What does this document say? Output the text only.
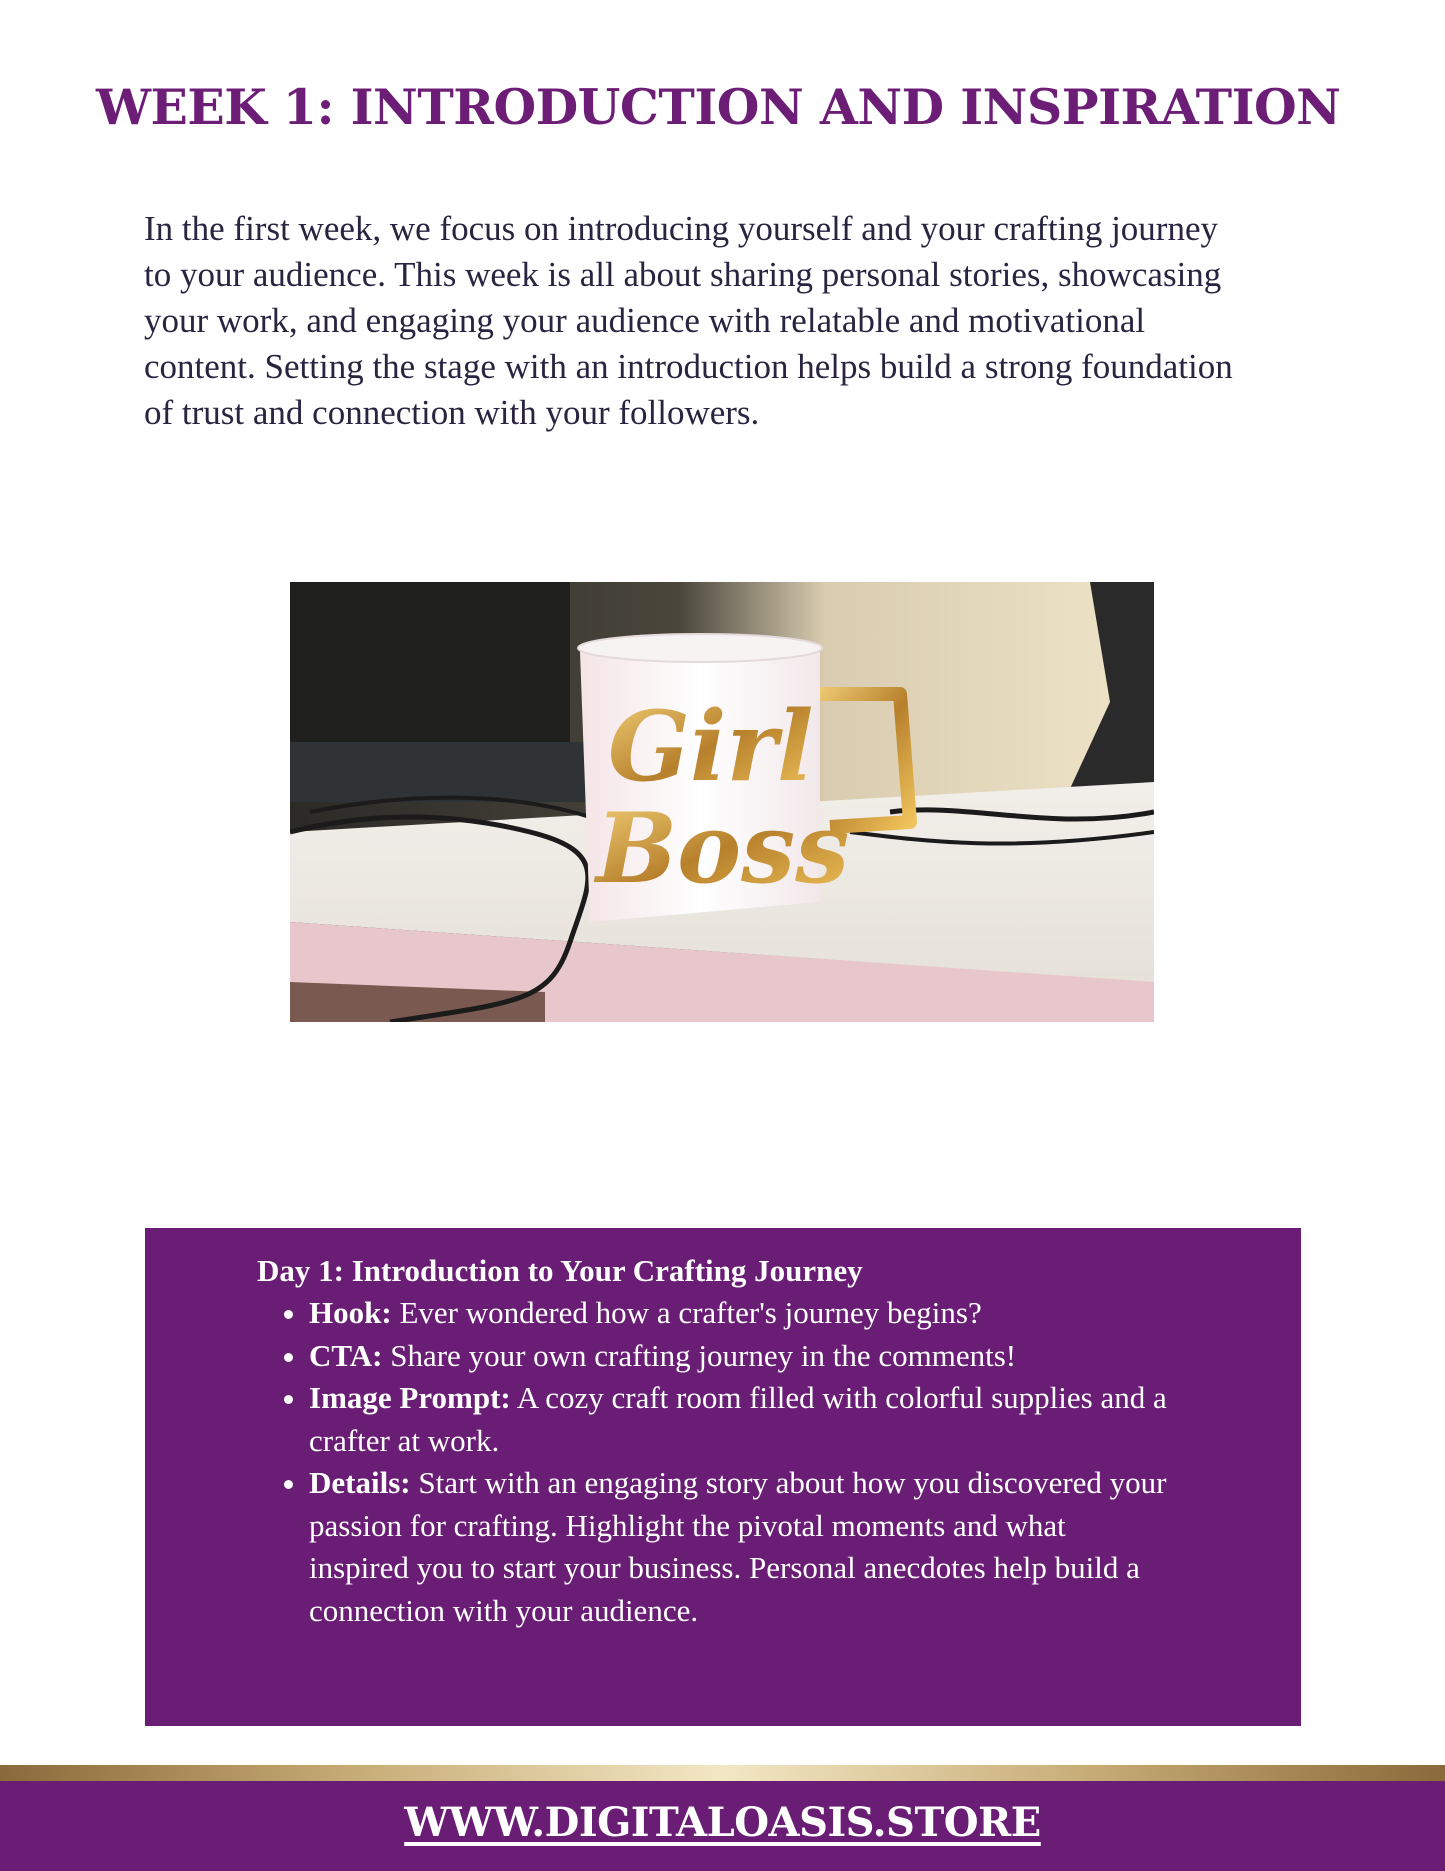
WEEK 1: INTRODUCTION AND INSPIRATION

In the first week, we focus on introducing yourself and your crafting journey to your audience. This week is all about sharing personal stories, showcasing your work, and engaging your audience with relatable and motivational content. Setting the stage with an introduction helps build a strong foundation of trust and connection with your followers.

Girl
Boss
Day 1: Introduction to Your Crafting Journey
• Hook: Ever wondered how a crafter's journey begins?
• CTA: Share your own crafting journey in the comments!
• Image Prompt: A cozy craft room filled with colorful supplies and a crafter at work.
• Details: Start with an engaging story about how you discovered your passion for crafting. Highlight the pivotal moments and what inspired you to start your business. Personal anecdotes help build a connection with your audience.
WWW.DIGITALOASIS.STORE
